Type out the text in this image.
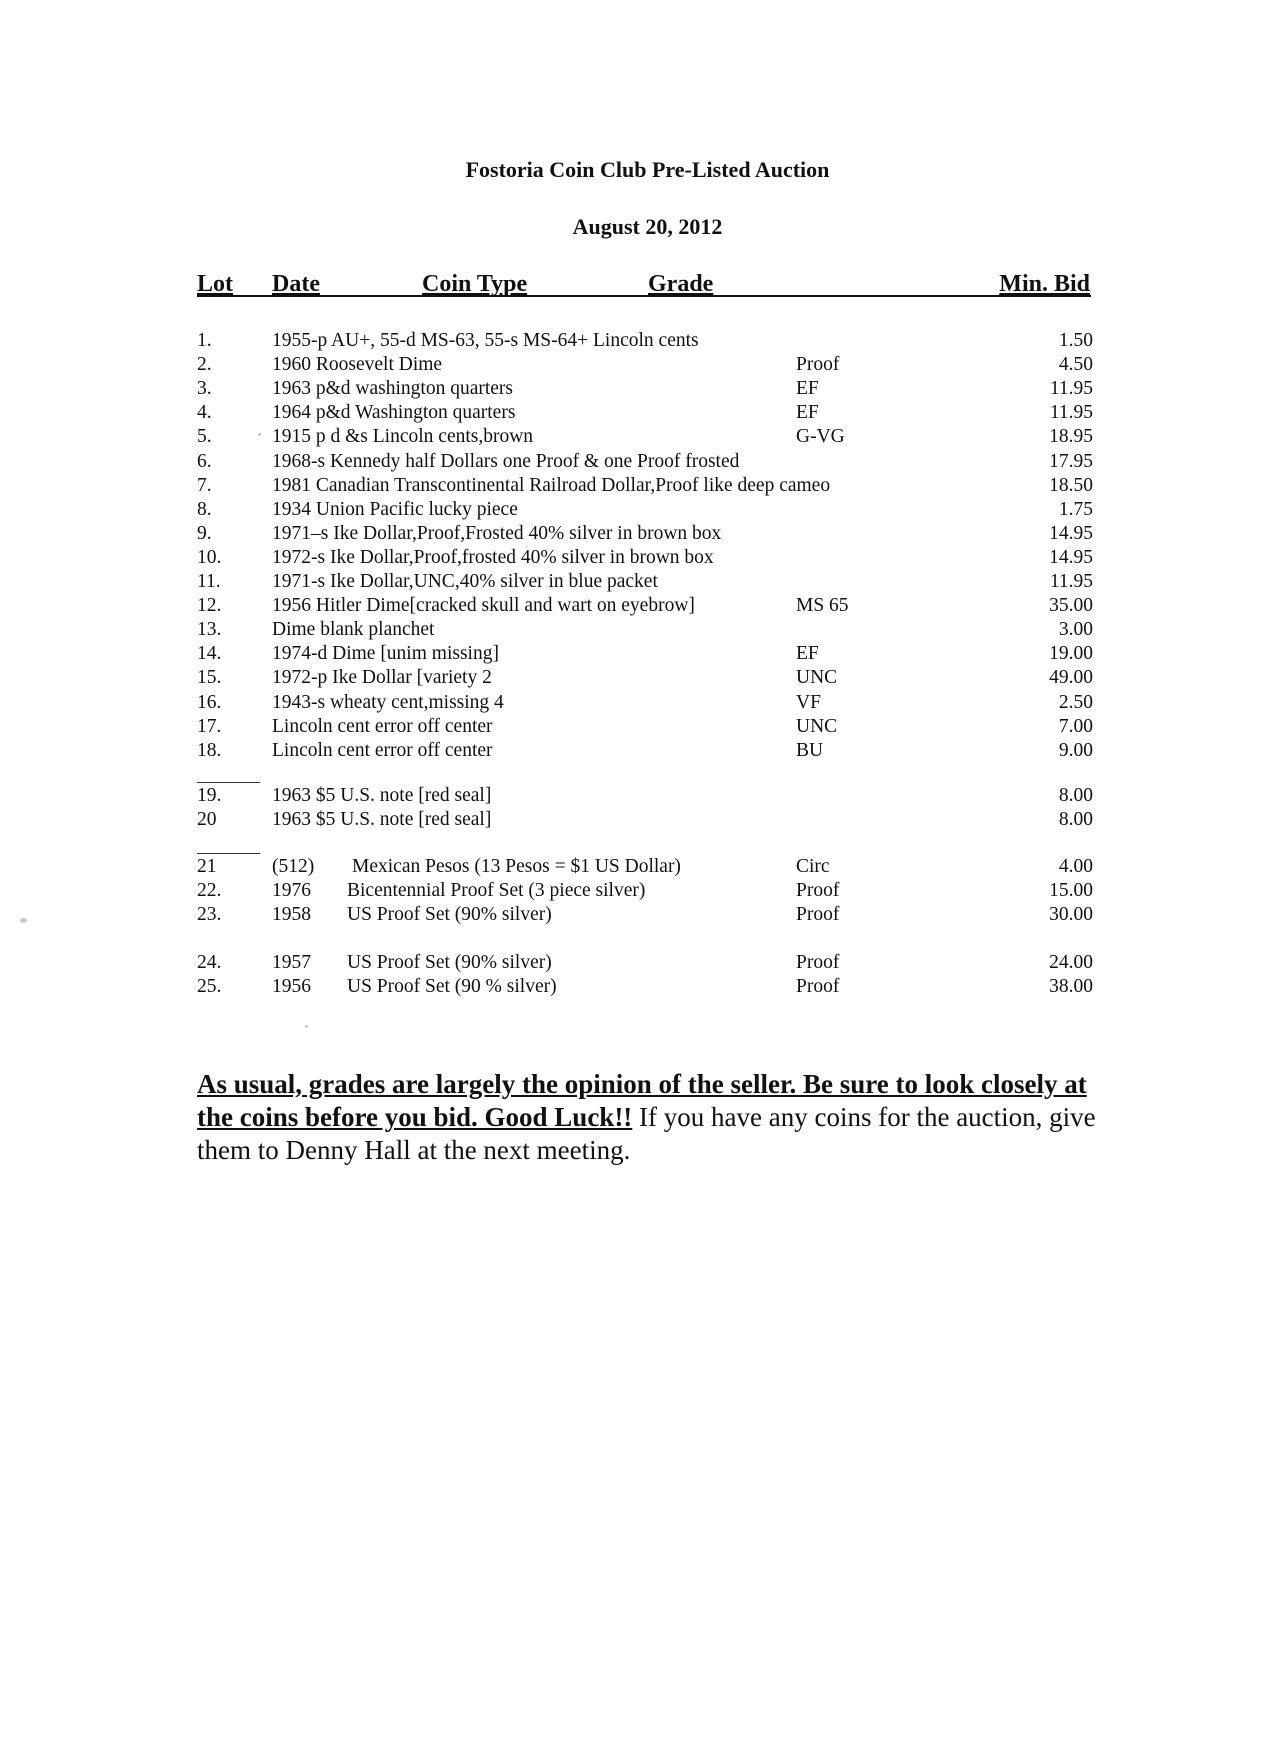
Fostoria Coin Club Pre-Listed Auction
August 20, 2012
Lot Date	Coin Type	Grade	Min. Bid
1.	1955-p AU+, 55-d MS-63, 55-s MS-64+ Lincoln cents	1.50
2.	1960 Roosevelt Dime	Proof	4.50
3.	1963 p&d washington quarters	EF	11.95
4.	1964 p&d Washington quarters	EF	11.95
5.	1915 p d &s Lincoln cents,brown	G-VG	18.95
6.	1968-s Kennedy half Dollars one Proof & one Proof frosted	17.95
7.	1981 Canadian Transcontinental Railroad Dollar,Proof like deep cameo	18.50
8.	1934 Union Pacific lucky piece	1.75
9.	1971–s Ike Dollar,Proof,Frosted 40% silver in brown box	14.95
10.	1972-s Ike Dollar,Proof,frosted 40% silver in brown box	14.95
11.	1971-s Ike Dollar,UNC,40% silver in blue packet	11.95
12.	1956 Hitler Dime[cracked skull and wart on eyebrow]	MS 65	35.00
13.	Dime blank planchet	3.00
14.	1974-d Dime [unim missing]	EF	19.00
15.	1972-p Ike Dollar [variety 2	UNC	49.00
16.	1943-s wheaty cent,missing 4	VF	2.50
17.	Lincoln cent error off center	UNC	7.00
18.	Lincoln cent error off center	BU	9.00
19.	1963 $5 U.S. note [red seal]	8.00
20	1963 $5 U.S. note [red seal]	8.00
21	(512) Mexican Pesos (13 Pesos = $1 US Dollar)	Circ	4.00
22.	1976 Bicentennial Proof Set (3 piece silver)	Proof	15.00
23.	1958 US Proof Set (90% silver)	Proof	30.00
24.	1957 US Proof Set (90% silver)	Proof	24.00
25.	1956 US Proof Set (90 % silver)	Proof	38.00
As usual, grades are largely the opinion of the seller. Be sure to look closely at the coins before you bid. Good Luck!! If you have any coins for the auction, give them to Denny Hall at the next meeting.
